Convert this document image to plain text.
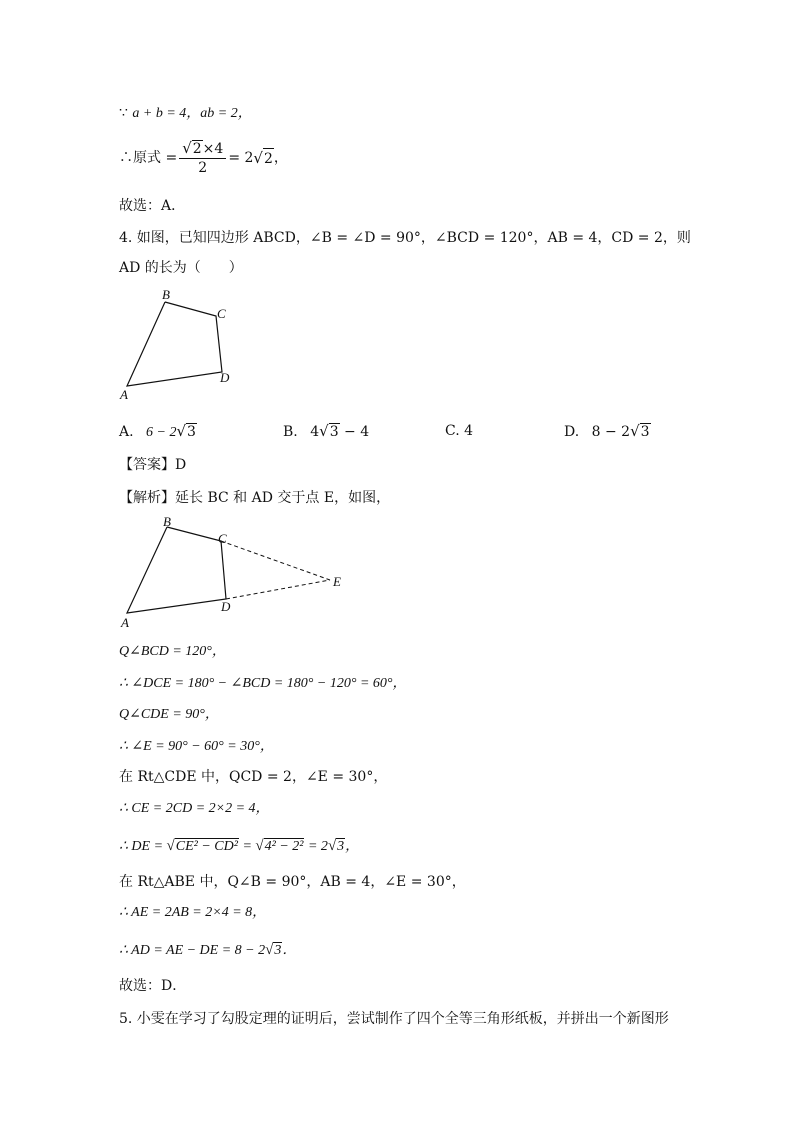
∵ a + b = 4，ab = 2，
∴原式 = $\frac{√2\times 4}{2} = 2$ √ 2 ，
故选：A．
4. 如图，已知四边形 ABCD，∠B = ∠D = 90°，∠BCD = 120°，AB = 4，CD = 2，则
AD 的长为（　　）
B
C
D
A
A. 6 − 2√3	B. 4√3 − 4	C. 4	D. 8 − 2√3
【答案】D
【解析】延长 BC 和 AD 交于点 E，如图，
B
C
E
D
A
Q∠BCD = 120°，
∴ ∠DCE = 180° − ∠BCD = 180° − 120° = 60°，
Q∠CDE = 90°，
∴ ∠E = 90° − 60° = 30°，
在 Rt△CDE 中，QCD = 2，∠E = 30°，
∴ CE = 2CD = 2×2 = 4，
∴ DE = √CE² − CD² = √4² − 2² = 2√3，
在 Rt△ABE 中，Q∠B = 90°，AB = 4，∠E = 30°，
∴ AE = 2AB = 2×4 = 8，
∴ AD = AE − DE = 8 − 2√3．
故选：D．
5. 小雯在学习了勾股定理的证明后，尝试制作了四个全等三角形纸板，并拼出一个新图形
